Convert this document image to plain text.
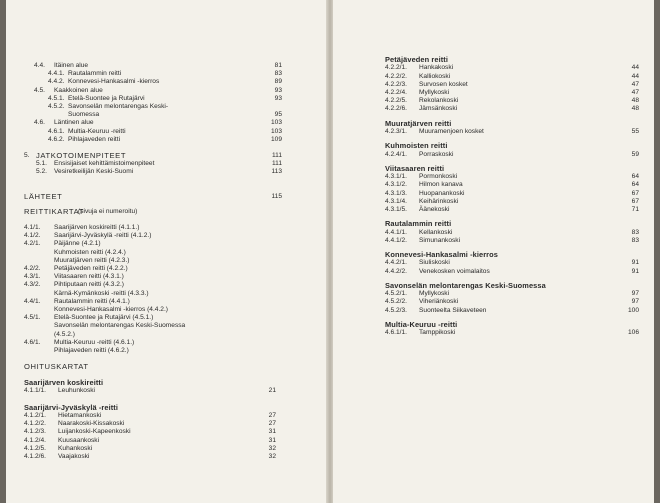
4.4. Itäinen alue	81
4.4.1. Rautalammin reitti	83
4.4.2. Konnevesi-Hankasalmi -kierros	89
4.5. Kaakkoinen alue	93
4.5.1. Etelä-Suontee ja Rutajärvi	93
4.5.2. Savonselän melontarengas Keski-
Suomessa	95
4.6. Läntinen alue	103
4.6.1. Multia-Keuruu -reitti	103
4.6.2. Pihlajaveden reitti	109
5. JATKOTOIMENPITEET	111
5.1. Ensisijaiset kehittämistoimenpiteet	111
5.2. Vesiretkeilijän Keski-Suomi	113
LÄHTEET	115
REITTIKARTAT
(sivuja ei numeroitu)
4.1/1. Saarijärven koskireitti (4.1.1.)
4.1/2. Saarijärvi-Jyväskylä -reitti (4.1.2.)
4.2/1. Päijänne (4.2.1)
Kuhmoisten reitti (4.2.4.)
Muuratjärven reitti (4.2.3.)
4.2/2. Petäjäveden reitti (4.2.2.)
4.3/1. Viitasaaren reitti (4.3.1.)
4.3/2. Pihtiputaan reitti (4.3.2.)
Kärnä-Kymänkoski -reitti (4.3.3.)
4.4/1. Rautalammin reitti (4.4.1.)
Konnevesi-Hankasalmi -kierros (4.4.2.)
4.5/1. Etelä-Suontee ja Rutajärvi (4.5.1.)
Savonselän melontarengas Keski-Suomessa
(4.5.2.)
4.6/1. Multia-Keuruu -reitti (4.6.1.)
Pihlajaveden reitti (4.6.2.)
OHITUSKARTAT
Saarijärven koskireitti
4.1.1/1. Leuhunkoski	21
Saarijärvi-Jyväskylä -reitti
4.1.2/1. Hietamankoski	27
4.1.2/2. Naarakoski-Kissakoski	27
4.1.2/3. Luijankoski-Kapeenkoski	31
4.1.2/4. Kuusaankoski	31
4.1.2/5. Kuhankoski	32
4.1.2/6. Vaajakoski	32
Petäjäveden reitti
4.2.2/1. Hankakoski	44
4.2.2/2. Kalliokoski	44
4.2.2/3. Survosen kosket	47
4.2.2/4. Myllykoski	47
4.2.2/5. Rekolankoski	48
4.2.2/6. Jämsänkoski	48
Muuratjärven reitti
4.2.3/1. Muuramenjoen kosket	55
Kuhmoisten reitti
4.2.4/1. Porraskoski	59
Viitasaaren reitti
4.3.1/1. Pormonkoski	64
4.3.1/2. Hilmon kanava	64
4.3.1/3. Huopanankoski	67
4.3.1/4. Keihärinkoski	67
4.3.1/5. Äänekoski	71
Rautalammin reitti
4.4.1/1. Kellankoski	83
4.4.1/2. Simunankoski	83
Konnevesi-Hankasalmi -kierros
4.4.2/1. Siuliskoski	91
4.4.2/2. Venekosken voimalaitos	91
Savonselän melontarengas Keski-Suomessa
4.5.2/1. Myllykoski	97
4.5.2/2. Viheriänkoski	97
4.5.2/3. Suonteelta Siikaveteen	100
Multia-Keuruu -reitti
4.6.1/1. Tamppikoski	106
